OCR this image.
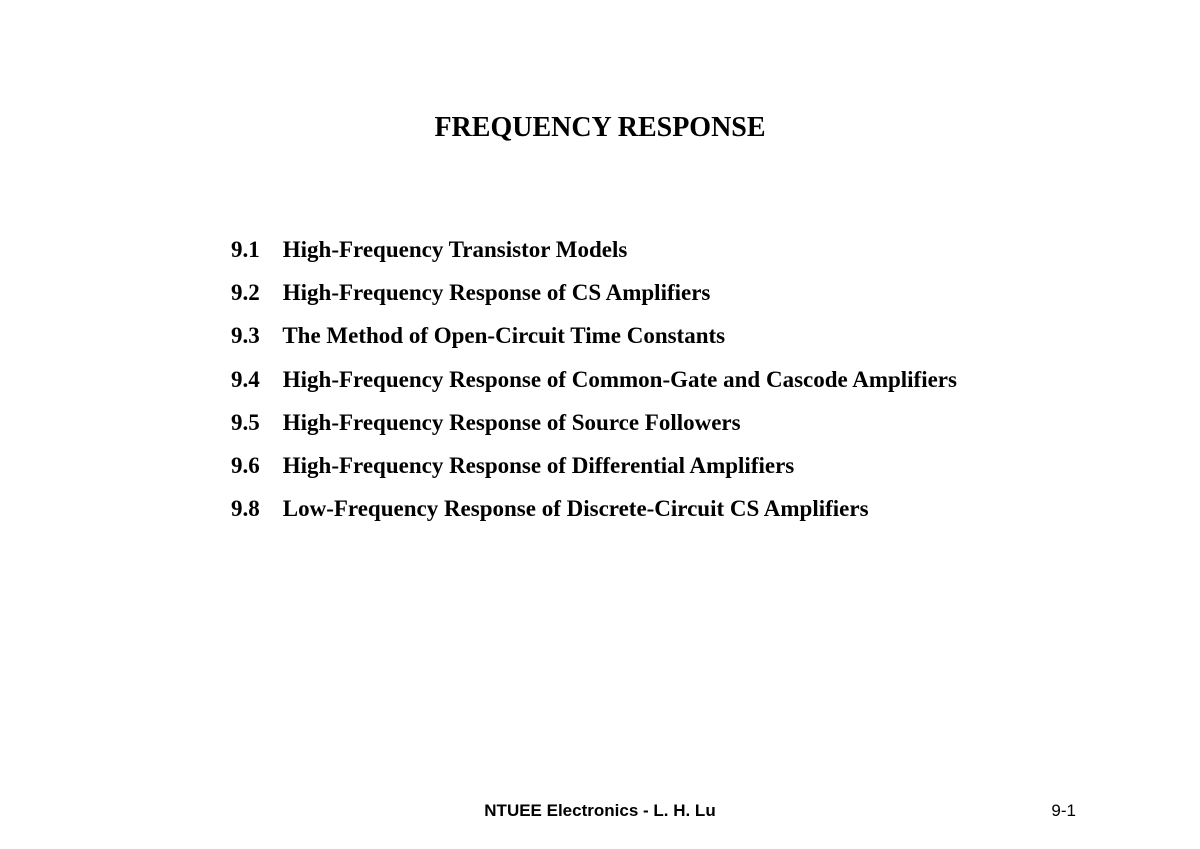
FREQUENCY RESPONSE
9.1 High-Frequency Transistor Models
9.2 High-Frequency Response of CS Amplifiers
9.3 The Method of Open-Circuit Time Constants
9.4 High-Frequency Response of Common-Gate and Cascode Amplifiers
9.5 High-Frequency Response of Source Followers
9.6 High-Frequency Response of Differential Amplifiers
9.8 Low-Frequency Response of Discrete-Circuit CS Amplifiers
NTUEE Electronics - L. H. Lu	9-1
